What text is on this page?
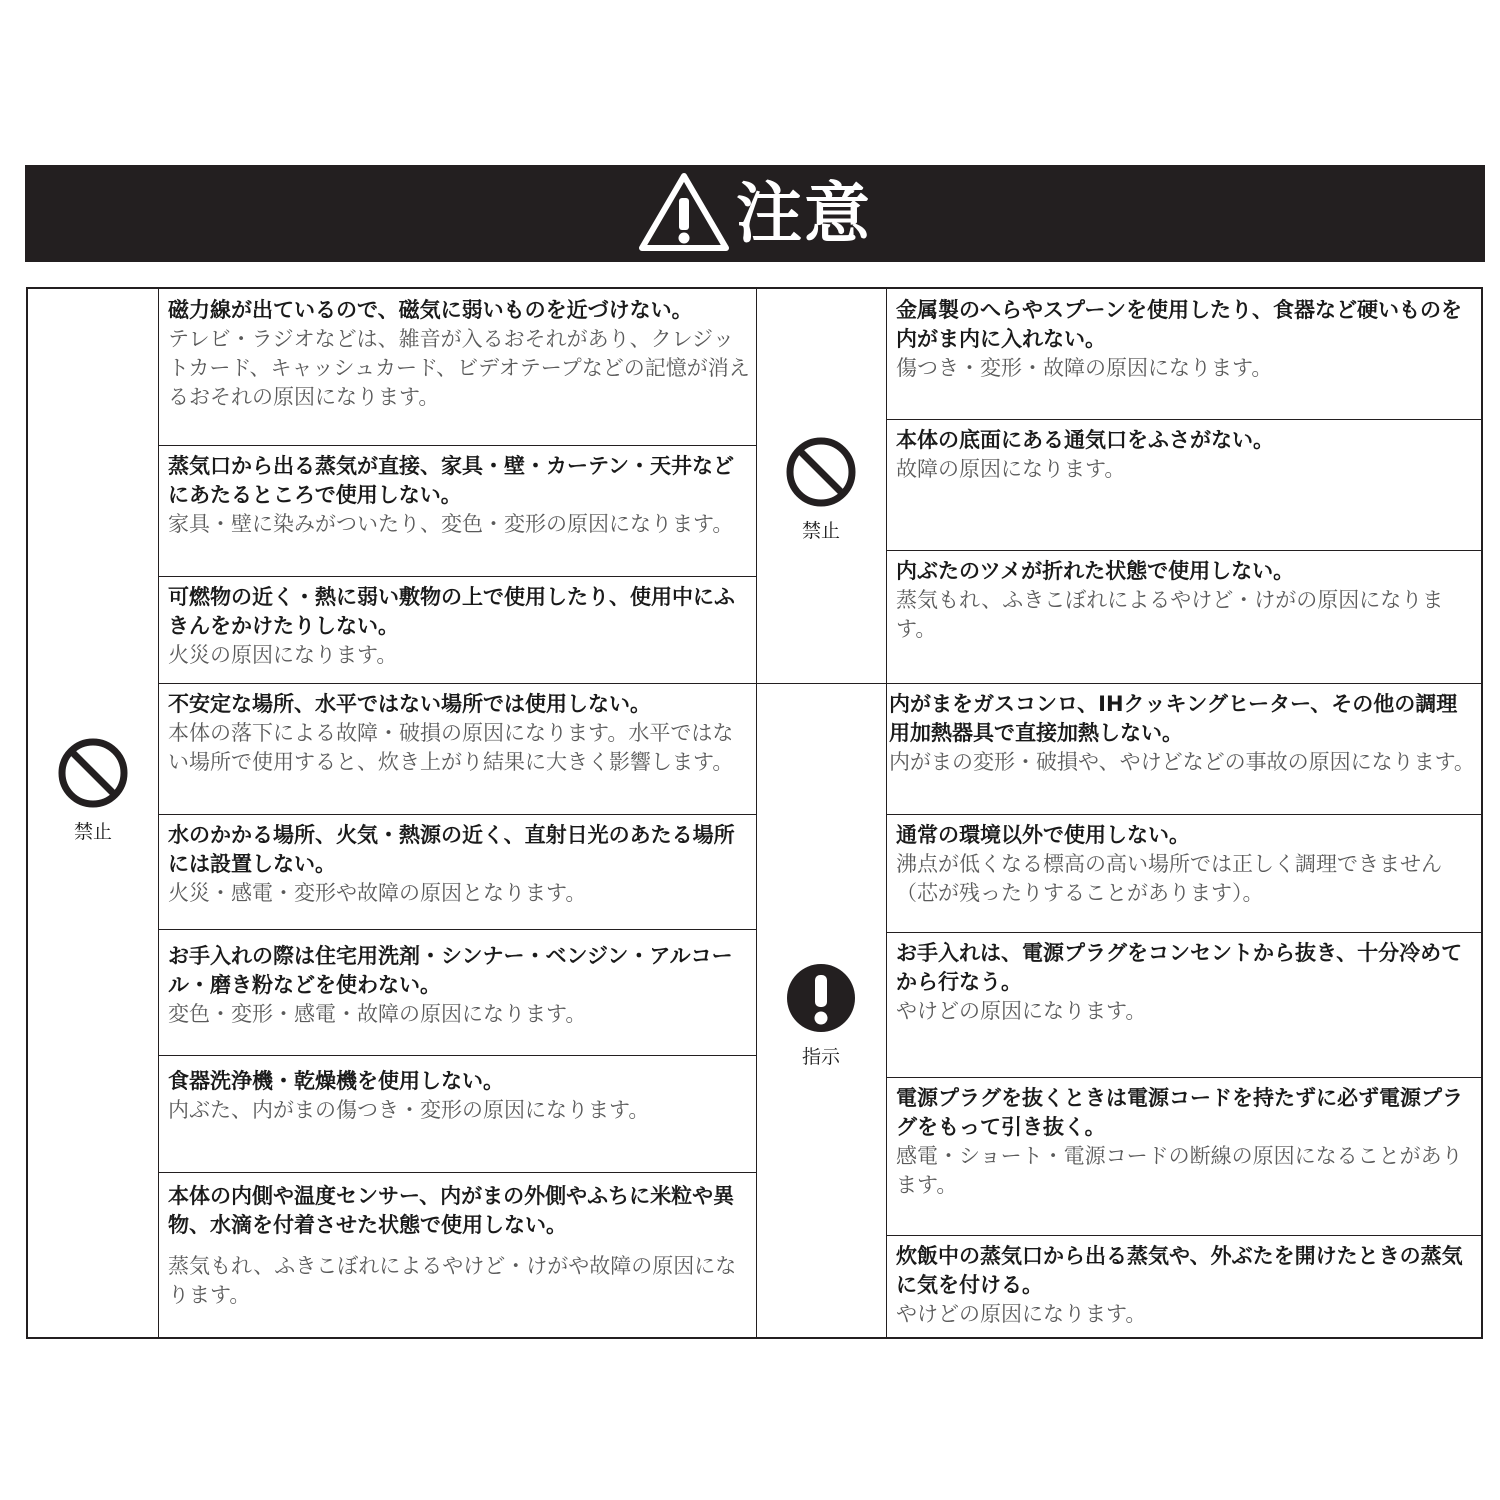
注意
禁止
禁止
指示

磁力線が出ているので、磁気に弱いものを近づけない。

テレビ・ラジオなどは、雑音が入るおそれがあり、クレジットカード、キャッシュカード、ビデオテープなどの記憶が消えるおそれの原因になります。

蒸気口から出る蒸気が直接、家具・壁・カーテン・天井などにあたるところで使用しない。

家具・壁に染みがついたり、変色・変形の原因になります。

可燃物の近く・熱に弱い敷物の上で使用したり、使用中にふきんをかけたりしない。

火災の原因になります。

不安定な場所、水平ではない場所では使用しない。

本体の落下による故障・破損の原因になります。水平ではない場所で使用すると、炊き上がり結果に大きく影響します。

水のかかる場所、火気・熱源の近く、直射日光のあたる場所には設置しない。

火災・感電・変形や故障の原因となります。

お手入れの際は住宅用洗剤・シンナー・ベンジン・アルコール・磨き粉などを使わない。

変色・変形・感電・故障の原因になります。

食器洗浄機・乾燥機を使用しない。

内ぶた、内がまの傷つき・変形の原因になります。

本体の内側や温度センサー、内がまの外側やふちに米粒や異物、水滴を付着させた状態で使用しない。

蒸気もれ、ふきこぼれによるやけど・けがや故障の原因になります。

金属製のへらやスプーンを使用したり、食器など硬いものを内がま内に入れない。

傷つき・変形・故障の原因になります。

本体の底面にある通気口をふさがない。

故障の原因になります。

内ぶたのツメが折れた状態で使用しない。

蒸気もれ、ふきこぼれによるやけど・けがの原因になります。

内がまをガスコンロ、IHクッキングヒーター、その他の調理用加熱器具で直接加熱しない。

内がまの変形・破損や、やけどなどの事故の原因になります。

通常の環境以外で使用しない。

沸点が低くなる標高の高い場所では正しく調理できません（芯が残ったりすることがあります）。

お手入れは、電源プラグをコンセントから抜き、十分冷めてから行なう。

やけどの原因になります。

電源プラグを抜くときは電源コードを持たずに必ず電源プラグをもって引き抜く。

感電・ショート・電源コードの断線の原因になることがあります。

炊飯中の蒸気口から出る蒸気や、外ぶたを開けたときの蒸気に気を付ける。

やけどの原因になります。
